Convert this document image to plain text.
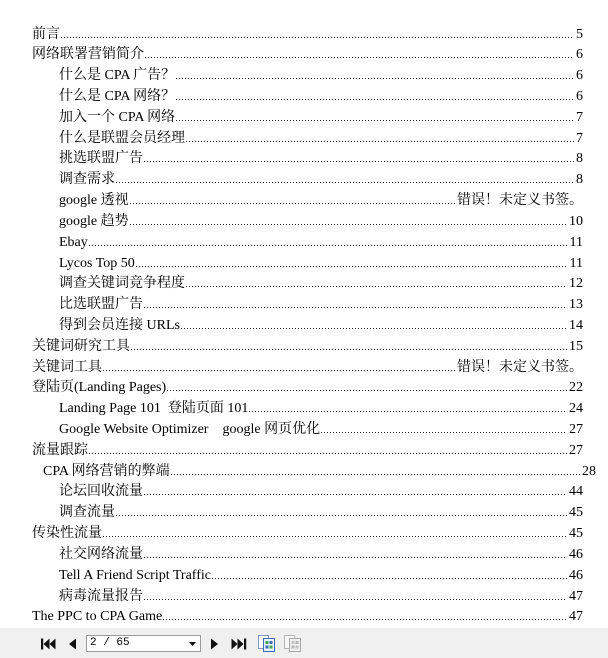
前言	5
网络联署营销简介	6
什么是 CPA 广告？	6
什么是 CPA 网络？	6
加入一个 CPA 网络	7
什么是联盟会员经理	7
挑选联盟广告	8
调查需求	8
google 透视	错误！未定义书签。
google 趋势	10
Ebay	11
Lycos Top 50	11
调查关键词竞争程度	12
比选联盟广告	13
得到会员连接 URLs	14
关键词研究工具	15
关键词工具	错误！未定义书签。
登陆页(Landing Pages)	22
Landing Page 101  登陆页面 101	24
Google Website Optimizer    google 网页优化	27
流量跟踪	27
CPA 网络营销的弊端	28
论坛回收流量	44
调查流量	45
传染性流量	45
社交网络流量	46
Tell A Friend Script Traffic	46
病毒流量报告	47
The PPC to CPA Game	47
2 / 65
